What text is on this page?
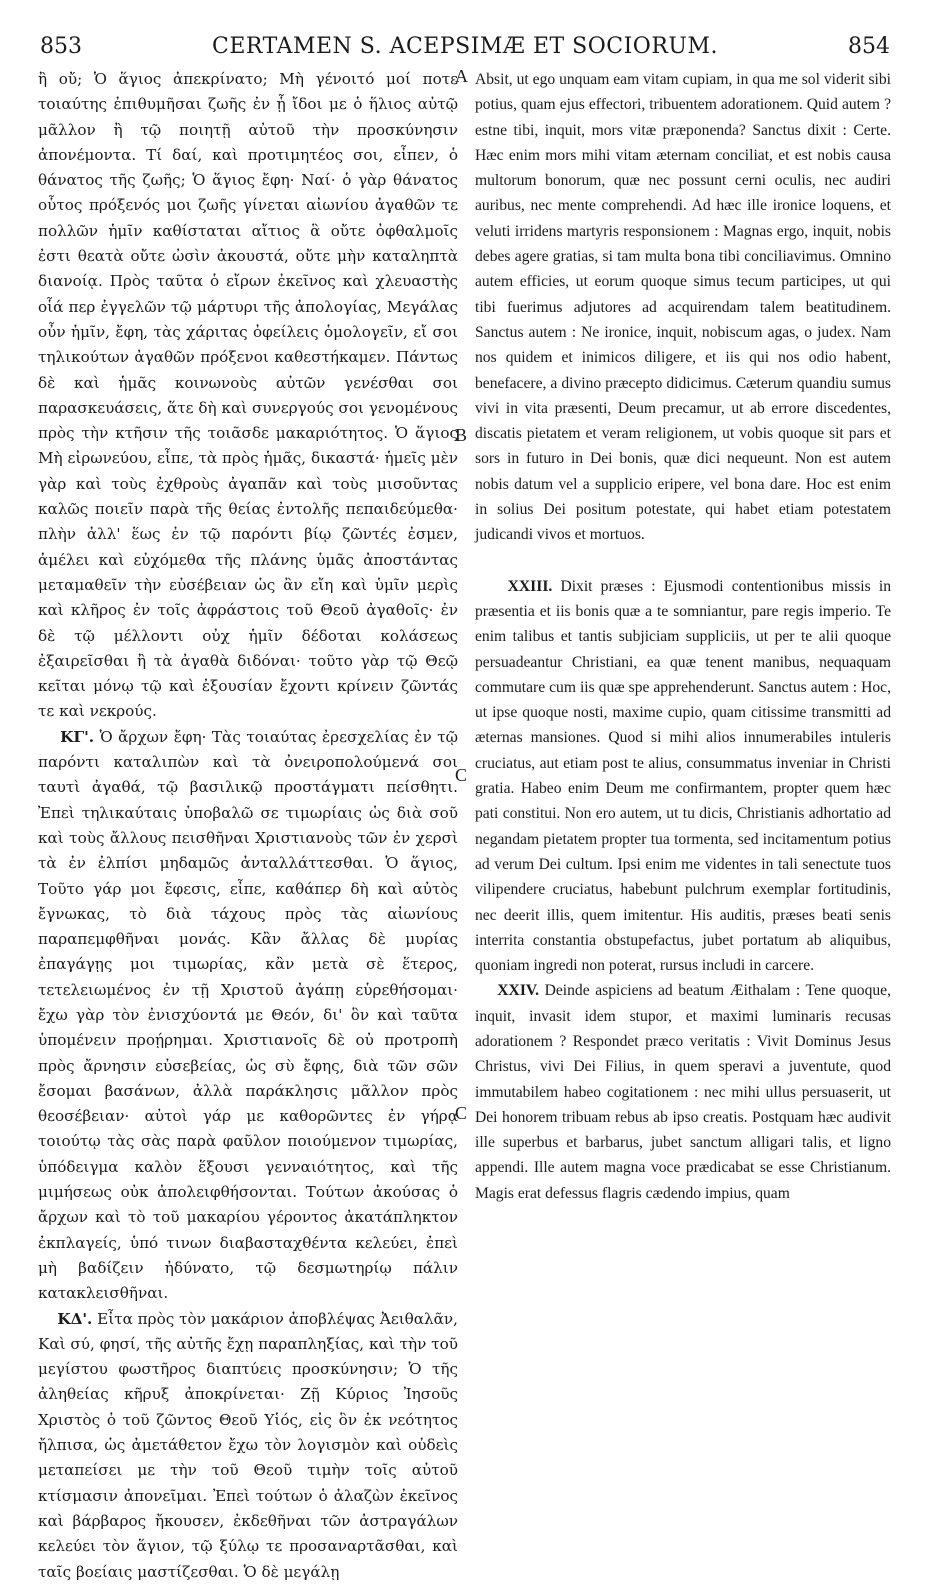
853	CERTAMEN S. ACEPSIMÆ ET SOCIORUM.	854
A
B
C
C

ἢ οὔ; Ὁ ἅγιος ἀπεκρίνατο; Μὴ γένοιτό μοί ποτε τοιαύτης ἐπιθυμῆσαι ζωῆς ἐν ᾗ ἴδοι με ὁ ἥλιος αὐτῷ μᾶλλον ἢ τῷ ποιητῇ αὐτοῦ τὴν προσκύνησιν ἀπονέμοντα. Τί δαί, καὶ προτιμητέος σοι, εἶπεν, ὁ θάνατος τῆς ζωῆς; Ὁ ἅγιος ἔφη· Ναί· ὁ γὰρ θάνατος οὗτος πρόξενός μοι ζωῆς γίνεται αἰωνίου ἀγαθῶν τε πολλῶν ἡμῖν καθίσταται αἴτιος ἃ οὔτε ὀφθαλμοῖς ἐστι θεατὰ οὔτε ὠσὶν ἀκουστά, οὔτε μὴν καταληπτὰ διανοίᾳ. Πρὸς ταῦτα ὁ εἴρων ἐκεῖνος καὶ χλευαστὴς οἷά περ ἐγγελῶν τῷ μάρτυρι τῆς ἀπολογίας, Μεγάλας οὖν ἡμῖν, ἔφη, τὰς χάριτας ὀφείλεις ὁμολογεῖν, εἴ σοι τηλικούτων ἀγαθῶν πρόξενοι καθεστήκαμεν. Πάντως δὲ καὶ ἡμᾶς κοινωνοὺς αὐτῶν γενέσθαι σοι παρασκευάσεις, ἅτε δὴ καὶ συνεργούς σοι γενομένους πρὸς τὴν κτῆσιν τῆς τοιᾶσδε μακαριότητος. Ὁ ἅγιος Μὴ εἰρωνεύου, εἶπε, τὰ πρὸς ἡμᾶς, δικαστά· ἡμεῖς μὲν γὰρ καὶ τοὺς ἐχθροὺς ἀγαπᾶν καὶ τοὺς μισοῦντας καλῶς ποιεῖν παρὰ τῆς θείας ἐντολῆς πεπαιδεύμεθα· πλὴν ἀλλ' ἕως ἐν τῷ παρόντι βίῳ ζῶντές ἐσμεν, ἀμέλει καὶ εὐχόμεθα τῆς πλάνης ὑμᾶς ἀποστάντας μεταμαθεῖν τὴν εὐσέβειαν ὡς ἂν εἴη καὶ ὑμῖν μερὶς καὶ κλῆρος ἐν τοῖς ἀφράστοις τοῦ Θεοῦ ἀγαθοῖς· ἐν δὲ τῷ μέλλοντι οὐχ ἡμῖν δέδοται κολάσεως ἐξαιρεῖσθαι ἢ τὰ ἀγαθὰ διδόναι· τοῦτο γὰρ τῷ Θεῷ κεῖται μόνῳ τῷ καὶ ἐξουσίαν ἔχοντι κρίνειν ζῶντάς τε καὶ νεκρούς.

ΚΓ'. Ὁ ἄρχων ἔφη· Τὰς τοιαύτας ἐρεσχελίας ἐν τῷ παρόντι καταλιπὼν καὶ τὰ ὀνειροπολούμενά σοι ταυτὶ ἀγαθά, τῷ βασιλικῷ προστάγματι πείσθητι. Ἐπεὶ τηλικαύταις ὑποβαλῶ σε τιμωρίαις ὡς διὰ σοῦ καὶ τοὺς ἄλλους πεισθῆναι Χριστιανοὺς τῶν ἐν χερσὶ τὰ ἐν ἐλπίσι μηδαμῶς ἀνταλλάττεσθαι. Ὁ ἅγιος, Τοῦτο γάρ μοι ἔφεσις, εἶπε, καθάπερ δὴ καὶ αὐτὸς ἔγνωκας, τὸ διὰ τάχους πρὸς τὰς αἰωνίους παραπεμφθῆναι μονάς. Κἂν ἄλλας δὲ μυρίας ἐπαγάγῃς μοι τιμωρίας, κἂν μετὰ σὲ ἕτερος, τετελειωμένος ἐν τῇ Χριστοῦ ἀγάπῃ εὑρεθήσομαι· ἔχω γὰρ τὸν ἐνισχύοντά με Θεόν, δι' ὃν καὶ ταῦτα ὑπομένειν προῄρημαι. Χριστιανοῖς δὲ οὐ προτροπὴ πρὸς ἄρνησιν εὐσεβείας, ὡς σὺ ἔφης, διὰ τῶν σῶν ἔσομαι βασάνων, ἀλλὰ παράκλησις μᾶλλον πρὸς θεοσέβειαν· αὐτοὶ γάρ με καθορῶντες ἐν γήρᾳ τοιούτῳ τὰς σὰς παρὰ φαῦλον ποιούμενον τιμωρίας, ὑπόδειγμα καλὸν ἕξουσι γενναιότητος, καὶ τῆς μιμήσεως οὐκ ἀπολειφθήσονται. Τούτων ἀκούσας ὁ ἄρχων καὶ τὸ τοῦ μακαρίου γέροντος ἀκατάπληκτον ἐκπλαγείς, ὑπό τινων διαβασταχθέντα κελεύει, ἐπεὶ μὴ βαδίζειν ἠδύνατο, τῷ δεσμωτηρίῳ πάλιν κατακλεισθῆναι.

ΚΔ'. Εἶτα πρὸς τὸν μακάριον ἀποβλέψας Ἀειθαλᾶν, Καὶ σύ, φησί, τῆς αὐτῆς ἔχῃ παραπληξίας, καὶ τὴν τοῦ μεγίστου φωστῆρος διαπτύεις προσκύνησιν; Ὁ τῆς ἀληθείας κῆρυξ ἀποκρίνεται· Ζῇ Κύριος Ἰησοῦς Χριστὸς ὁ τοῦ ζῶντος Θεοῦ Υἱός, εἰς ὃν ἐκ νεότητος ἤλπισα, ὡς ἀμετάθετον ἔχω τὸν λογισμὸν καὶ οὐδεὶς μεταπείσει με τὴν τοῦ Θεοῦ τιμὴν τοῖς αὐτοῦ κτίσμασιν ἀπονεῖμαι. Ἐπεὶ τούτων ὁ ἀλαζὼν ἐκεῖνος καὶ βάρβαρος ἤκουσεν, ἐκδεθῆναι τῶν ἀστραγάλων κελεύει τὸν ἅγιον, τῷ ξύλῳ τε προσαναρτᾶσθαι, καὶ ταῖς βοείαις μαστίζεσθαι. Ὁ δὲ μεγάλῃ

Absit, ut ego unquam eam vitam cupiam, in qua me sol viderit sibi potius, quam ejus effectori, tribuentem adorationem. Quid autem ? estne tibi, inquit, mors vitæ præponenda? Sanctus dixit : Certe. Hæc enim mors mihi vitam æternam conciliat, et est nobis causa multorum bonorum, quæ nec possunt cerni oculis, nec audiri auribus, nec mente comprehendi. Ad hæc ille ironice loquens, et veluti irridens martyris responsionem : Magnas ergo, inquit, nobis debes agere gratias, si tam multa bona tibi conciliavimus. Omnino autem efficies, ut eorum quoque simus tecum participes, ut qui tibi fuerimus adjutores ad acquirendam talem beatitudinem. Sanctus autem : Ne ironice, inquit, nobiscum agas, o judex. Nam nos quidem et inimicos diligere, et iis qui nos odio habent, benefacere, a divino præcepto didicimus. Cæterum quandiu sumus vivi in vita præsenti, Deum precamur, ut ab errore discedentes, discatis pietatem et veram religionem, ut vobis quoque sit pars et sors in futuro in Dei bonis, quæ dici nequeunt. Non est autem nobis datum vel a supplicio eripere, vel bona dare. Hoc est enim in solius Dei positum potestate, qui habet etiam potestatem judicandi vivos et mortuos.

XXIII. Dixit præses : Ejusmodi contentionibus missis in præsentia et iis bonis quæ a te somniantur, pare regis imperio. Te enim talibus et tantis subjiciam suppliciis, ut per te alii quoque persuadeantur Christiani, ea quæ tenent manibus, nequaquam commutare cum iis quæ spe apprehenderunt. Sanctus autem : Hoc, ut ipse quoque nosti, maxime cupio, quam citissime transmitti ad æternas mansiones. Quod si mihi alios innumerabiles intuleris cruciatus, aut etiam post te alius, consummatus inveniar in Christi gratia. Habeo enim Deum me confirmantem, propter quem hæc pati constitui. Non ero autem, ut tu dicis, Christianis adhortatio ad negandam pietatem propter tua tormenta, sed incitamentum potius ad verum Dei cultum. Ipsi enim me videntes in tali senectute tuos vilipendere cruciatus, habebunt pulchrum exemplar fortitudinis, nec deerit illis, quem imitentur. His auditis, præses beati senis interrita constantia obstupefactus, jubet portatum ab aliquibus, quoniam ingredi non poterat, rursus includi in carcere.

XXIV. Deinde aspiciens ad beatum Æithalam : Tene quoque, inquit, invasit idem stupor, et maximi luminaris recusas adorationem ? Respondet præco veritatis : Vivit Dominus Jesus Christus, vivi Dei Filius, in quem speravi a juventute, quod immutabilem habeo cogitationem : nec mihi ullus persuaserit, ut Dei honorem tribuam rebus ab ipso creatis. Postquam hæc audivit ille superbus et barbarus, jubet sanctum alligari talis, et ligno appendi. Ille autem magna voce prædicabat se esse Christianum. Magis erat defessus flagris cædendo impius, quam
